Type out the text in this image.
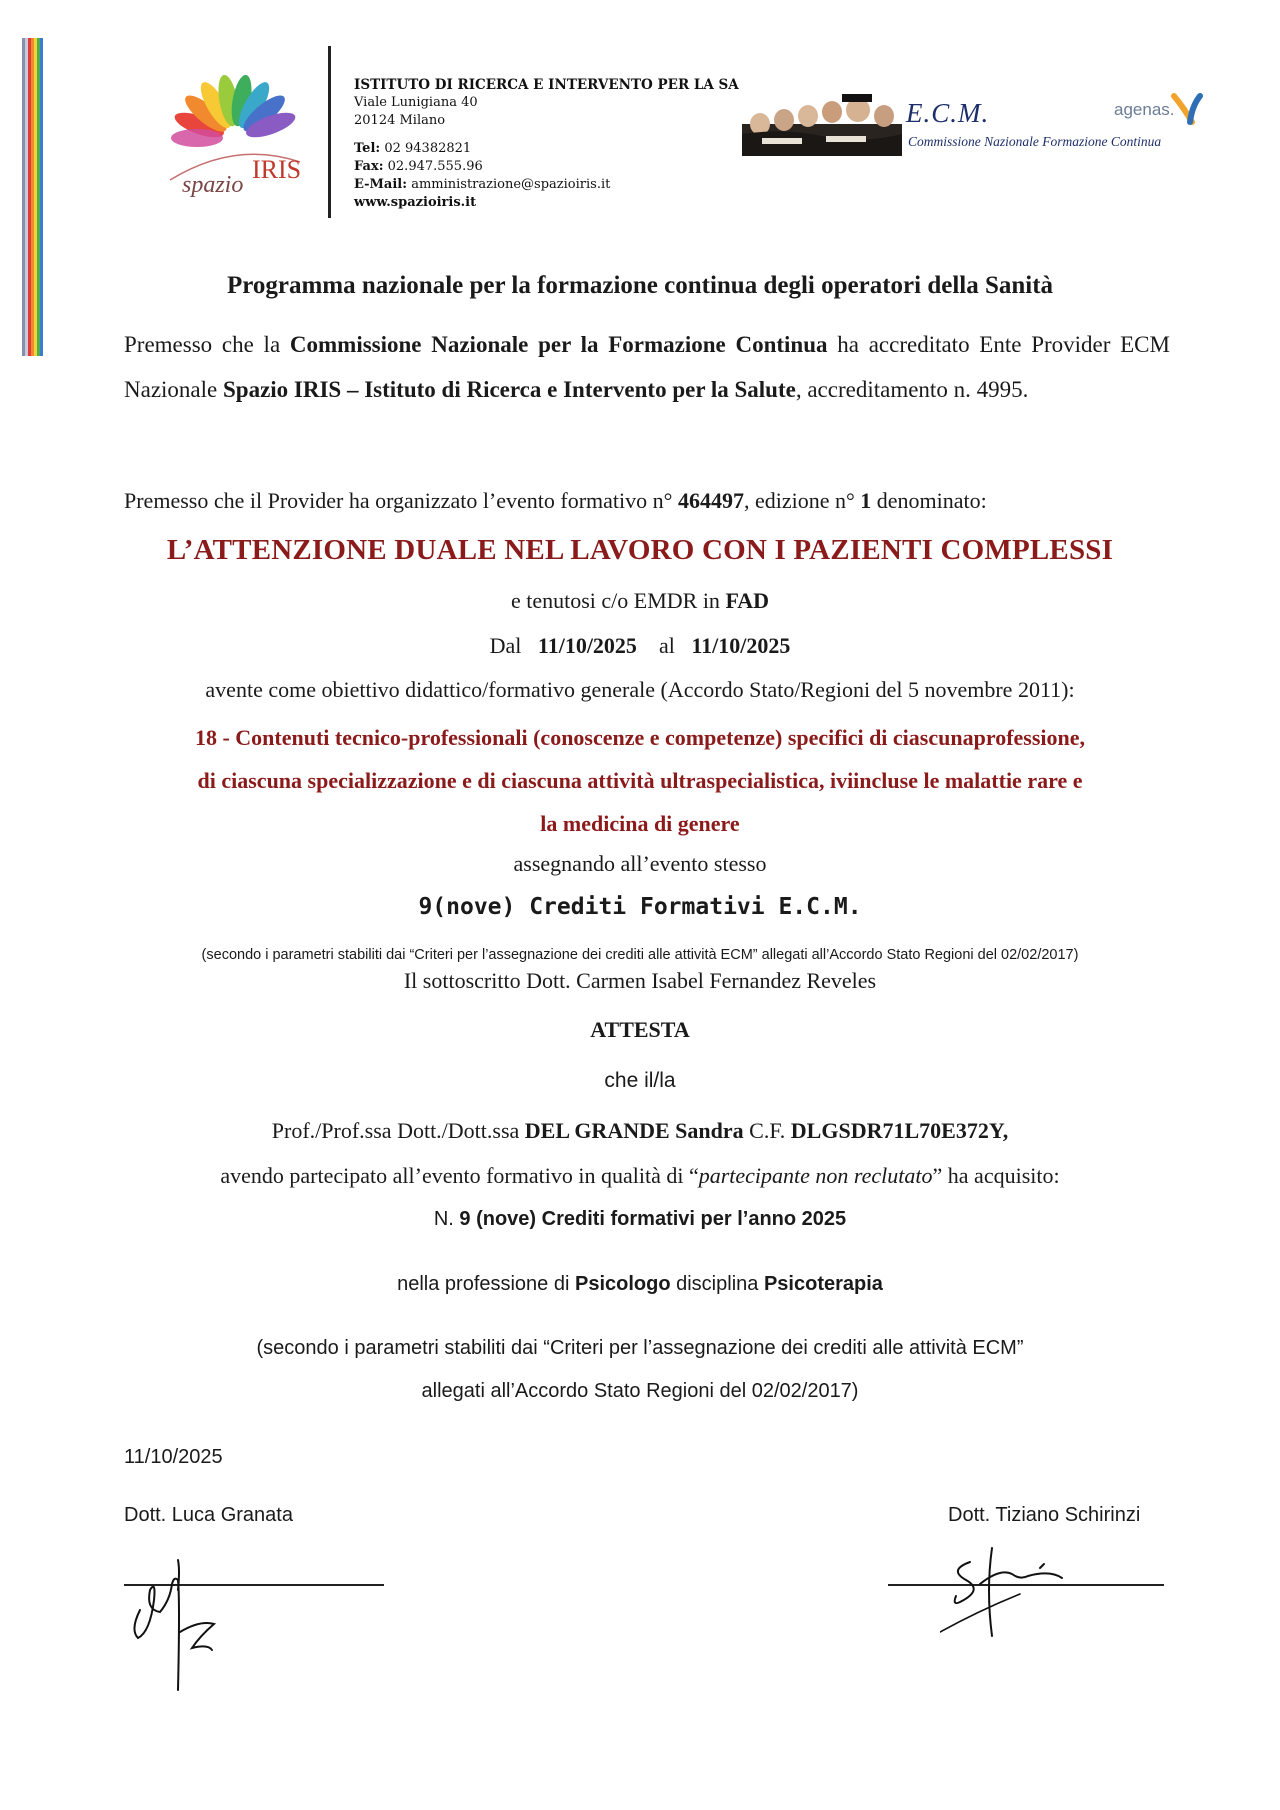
spazio
IRIS
ISTITUTO DI RICERCA E INTERVENTO PER LA SA
Viale Lunigiana 40
20124 Milano
Tel: 02 94382821
Fax: 02.947.555.96
E-Mail: amministrazione@spazioiris.it
www.spazioiris.it
E.C.M.
Commissione Nazionale Formazione Continua
agenas.
Programma nazionale per la formazione continua degli operatori della Sanità
Premesso che la Commissione Nazionale per la Formazione Continua ha accreditato Ente Provider ECM Nazionale Spazio IRIS – Istituto di Ricerca e Intervento per la Salute, accreditamento n. 4995.
Premesso che il Provider ha organizzato l’evento formativo n° 464497, edizione n° 1 denominato:
L’ATTENZIONE DUALE NEL LAVORO CON I PAZIENTI COMPLESSI
e tenutosi c/o EMDR in FAD
Dal 11/10/2025 al 11/10/2025
avente come obiettivo didattico/formativo generale (Accordo Stato/Regioni del 5 novembre 2011):
18 - Contenuti tecnico-professionali (conoscenze e competenze) specifici di ciascunaprofessione,
di ciascuna specializzazione e di ciascuna attività ultraspecialistica, iviincluse le malattie rare e
la medicina di genere
assegnando all’evento stesso
9(nove) Crediti Formativi E.C.M.
(secondo i parametri stabiliti dai “Criteri per l’assegnazione dei crediti alle attività ECM” allegati all’Accordo Stato Regioni del 02/02/2017)
Il sottoscritto Dott. Carmen Isabel Fernandez Reveles
ATTESTA
che il/la
Prof./Prof.ssa Dott./Dott.ssa DEL GRANDE Sandra C.F. DLGSDR71L70E372Y,
avendo partecipato all’evento formativo in qualità di “partecipante non reclutato” ha acquisito:
N. 9 (nove) Crediti formativi per l’anno 2025
nella professione di Psicologo disciplina Psicoterapia
(secondo i parametri stabiliti dai “Criteri per l’assegnazione dei crediti alle attività ECM”
allegati all’Accordo Stato Regioni del 02/02/2017)
11/10/2025
Dott. Luca Granata	Dott. Tiziano Schirinzi
